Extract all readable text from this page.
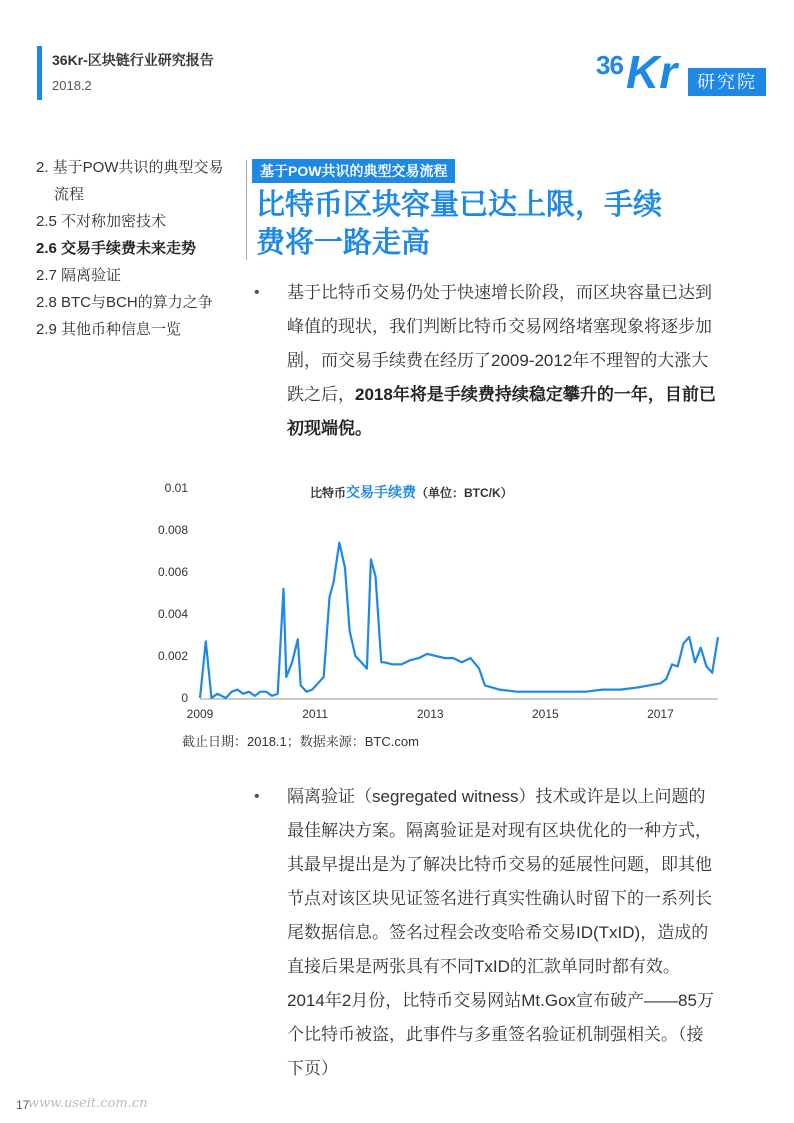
36Kr-区块链行业研究报告
2018.2
36 Kr	研究院
2. 基于POW共识的典型交易
流程
2.5 不对称加密技术
2.6 交易手续费未来走势
2.7 隔离验证
2.8 BTC与BCH的算力之争
2.9 其他币种信息一览
基于POW共识的典型交易流程
比特币区块容量已达上限，手续
费将一路走高
• 基于比特币交易仍处于快速增长阶段，而区块容量已达到峰值的现状，我们判断比特币交易网络堵塞现象将逐步加剧，而交易手续费在经历了2009-2012年不理智的大涨大跌之后，2018年将是手续费持续稳定攀升的一年，目前已初现端倪。
0.01
0.008
0.006
0.004
0.002
0
2009	2011	2013	2015	2017
比特币交易手续费（单位：BTC/K）
截止日期：2018.1；数据来源：BTC.com
• 隔离验证（segregated witness）技术或许是以上问题的最佳解决方案。隔离验证是对现有区块优化的一种方式，其最早提出是为了解决比特币交易的延展性问题，即其他节点对该区块见证签名进行真实性确认时留下的一系列长尾数据信息。签名过程会改变哈希交易ID(TxID)，造成的直接后果是两张具有不同TxID的汇款单同时都有效。2014年2月份，比特币交易网站Mt.Gox宣布破产——85万个比特币被盗，此事件与多重签名验证机制强相关。（接下页）
17
www.useit.com.cn
